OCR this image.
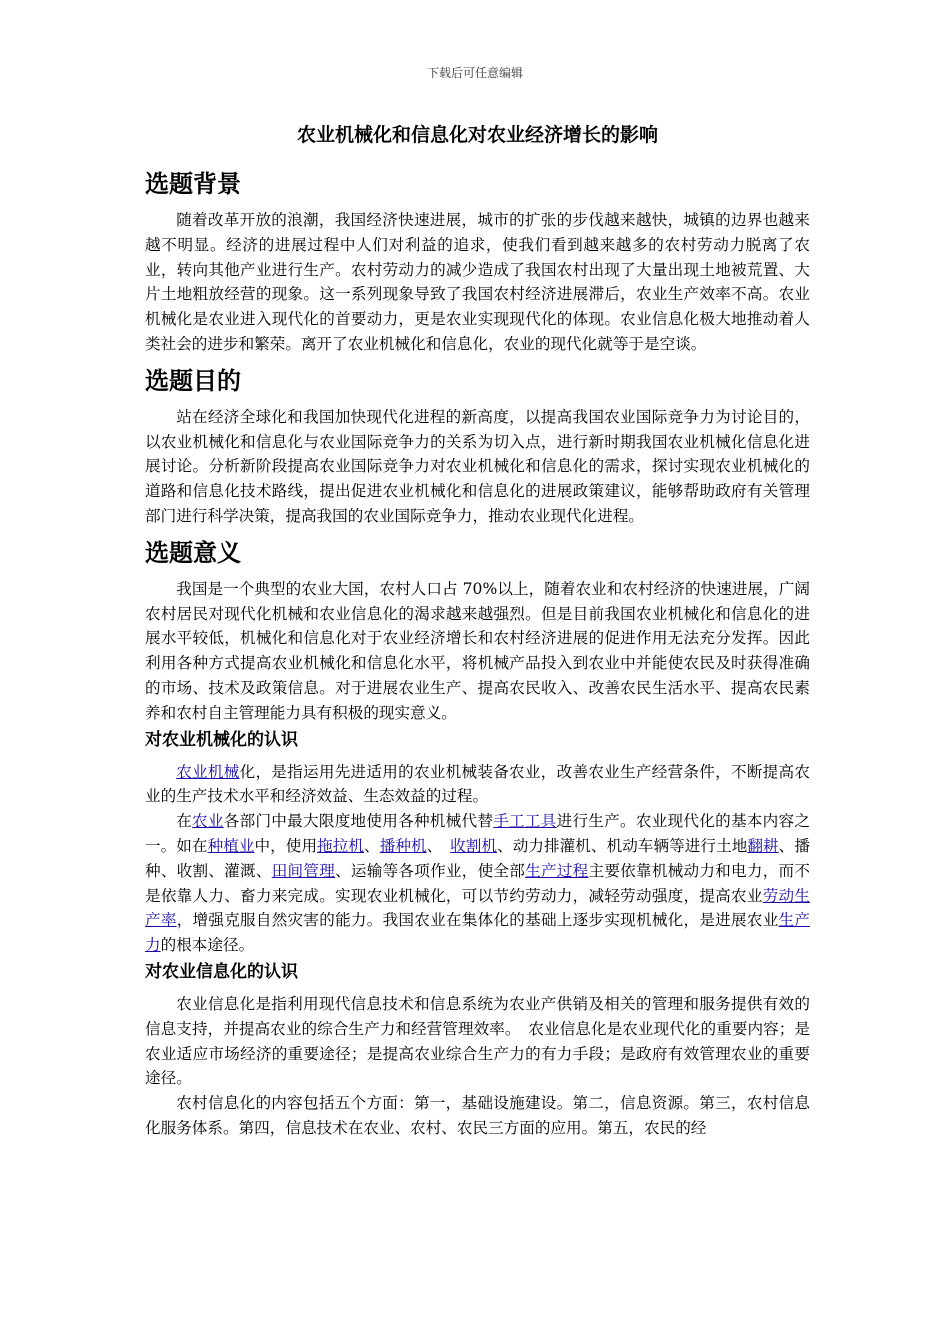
下载后可任意编辑
农业机械化和信息化对农业经济增长的影响
选题背景

随着改革开放的浪潮，我国经济快速进展，城市的扩张的步伐越来越快，城镇的边界也越来越不明显。经济的进展过程中人们对利益的追求，使我们看到越来越多的农村劳动力脱离了农业，转向其他产业进行生产。农村劳动力的减少造成了我国农村出现了大量出现土地被荒置、大片土地粗放经营的现象。这一系列现象导致了我国农村经济进展滞后，农业生产效率不高。农业机械化是农业进入现代化的首要动力，更是农业实现现代化的体现。农业信息化极大地推动着人类社会的进步和繁荣。离开了农业机械化和信息化，农业的现代化就等于是空谈。

选题目的

站在经济全球化和我国加快现代化进程的新高度，以提高我国农业国际竞争力为讨论目的，以农业机械化和信息化与农业国际竞争力的关系为切入点，进行新时期我国农业机械化信息化进展讨论。分析新阶段提高农业国际竞争力对农业机械化和信息化的需求，探讨实现农业机械化的道路和信息化技术路线，提出促进农业机械化和信息化的进展政策建议，能够帮助政府有关管理部门进行科学决策，提高我国的农业国际竞争力，推动农业现代化进程。

选题意义

我国是一个典型的农业大国，农村人口占 70%以上，随着农业和农村经济的快速进展，广阔农村居民对现代化机械和农业信息化的渴求越来越强烈。但是目前我国农业机械化和信息化的进展水平较低，机械化和信息化对于农业经济增长和农村经济进展的促进作用无法充分发挥。因此利用各种方式提高农业机械化和信息化水平，将机械产品投入到农业中并能使农民及时获得准确的市场、技术及政策信息。对于进展农业生产、提高农民收入、改善农民生活水平、提高农民素养和农村自主管理能力具有积极的现实意义。

对农业机械化的认识

农业机械化，是指运用先进适用的农业机械装备农业，改善农业生产经营条件，不断提高农业的生产技术水平和经济效益、生态效益的过程。

在农业各部门中最大限度地使用各种机械代替手工工具进行生产。农业现代化的基本内容之一。如在种植业中，使用拖拉机、播种机、　收割机、动力排灌机、机动车辆等进行土地翻耕、播种、收割、灌溉、田间管理、运输等各项作业，使全部生产过程主要依靠机械动力和电力，而不是依靠人力、畜力来完成。实现农业机械化，可以节约劳动力，减轻劳动强度，提高农业劳动生产率，增强克服自然灾害的能力。我国农业在集体化的基础上逐步实现机械化，是进展农业生产力的根本途径。

对农业信息化的认识

农业信息化是指利用现代信息技术和信息系统为农业产供销及相关的管理和服务提供有效的信息支持，并提高农业的综合生产力和经营管理效率。　农业信息化是农业现代化的重要内容；是农业适应市场经济的重要途径；是提高农业综合生产力的有力手段；是政府有效管理农业的重要途径。

农村信息化的内容包括五个方面：第一，基础设施建设。第二，信息资源。第三，农村信息化服务体系。第四，信息技术在农业、农村、农民三方面的应用。第五，农民的经
